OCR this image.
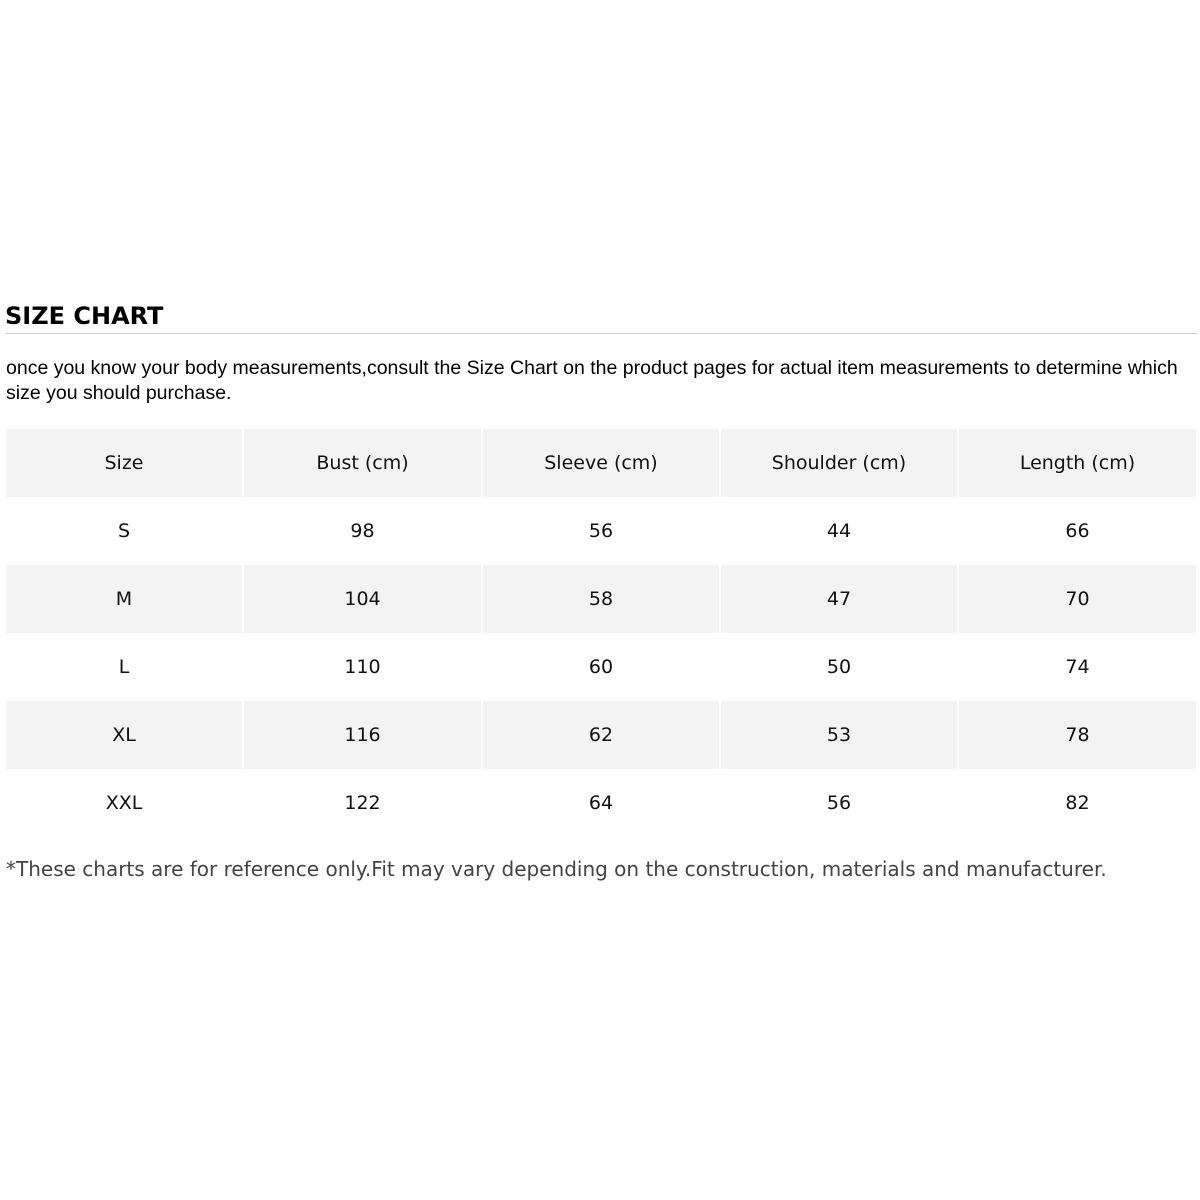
SIZE CHART
once you know your body measurements,consult the Size Chart on the product pages for actual item measurements to determine which size you should purchase.
Size	Bust (cm)	Sleeve (cm)	Shoulder (cm)	Length (cm)
S	98	56	44	66
M	104	58	47	70
L	110	60	50	74
XL	116	62	53	78
XXL	122	64	56	82
*These charts are for reference only.Fit may vary depending on the construction, materials and manufacturer.
